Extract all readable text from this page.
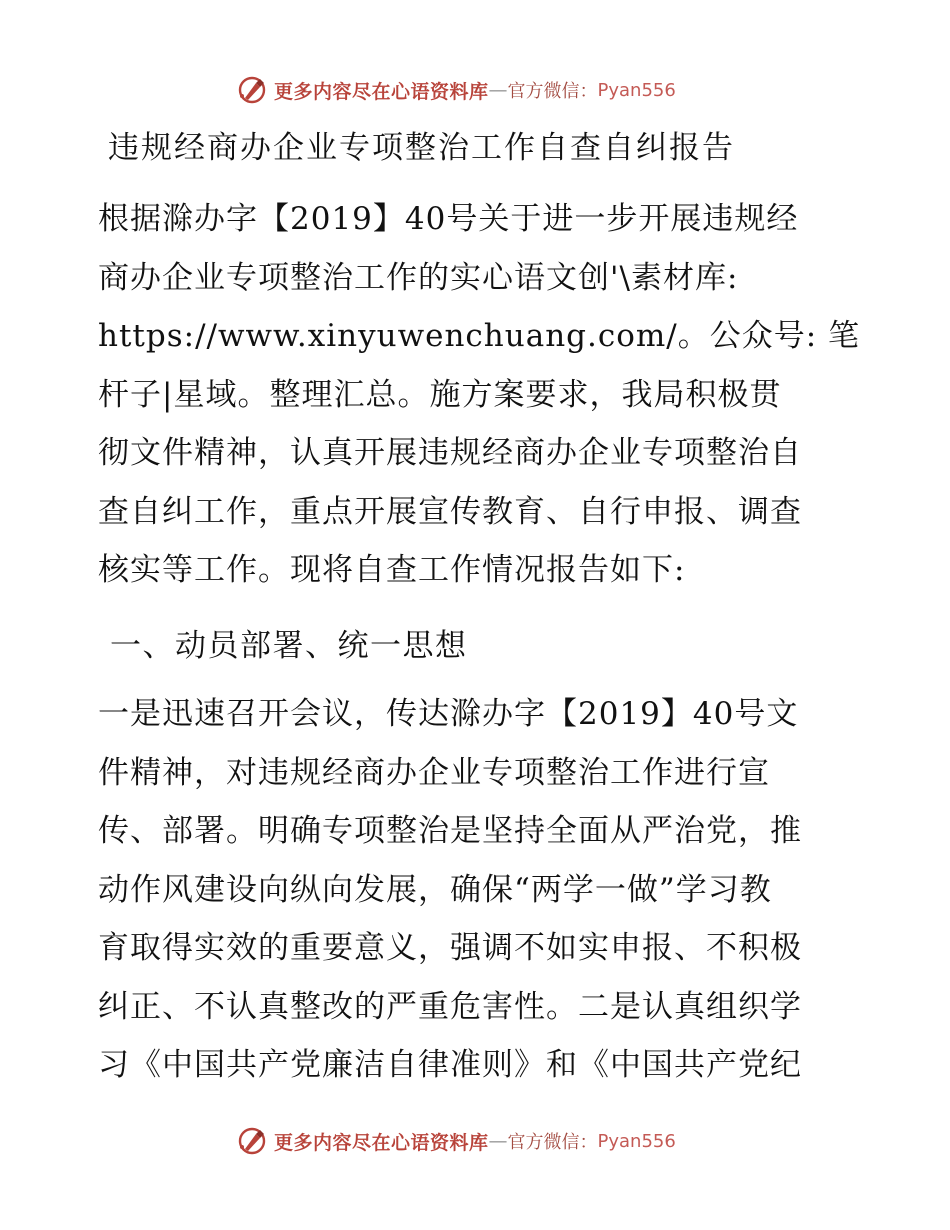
更多内容尽在心语资料库 — 官方微信： Pyan556
违规经商办企业专项整治工作自查自纠报告

根据滁办字【2019】40号关于进一步开展违规经
商办企业专项整治工作的实心语文创'\素材库:
https://www.xinyuwenchuang.com/。公众号: 笔
杆子|星域。整理汇总。施方案要求，我局积极贯
彻文件精神，认真开展违规经商办企业专项整治自
查自纠工作，重点开展宣传教育、自行申报、调查
核实等工作。现将自查工作情况报告如下:

一、动员部署、统一思想

一是迅速召开会议，传达滁办字【2019】40号文
件精神，对违规经商办企业专项整治工作进行宣
传、部署。明确专项整治是坚持全面从严治党，推
动作风建设向纵向发展，确保“两学一做”学习教
育取得实效的重要意义，强调不如实申报、不积极
纠正、不认真整改的严重危害性。二是认真组织学
习《中国共产党廉洁自律准则》和《中国共产党纪

更多内容尽在心语资料库 — 官方微信： Pyan556
